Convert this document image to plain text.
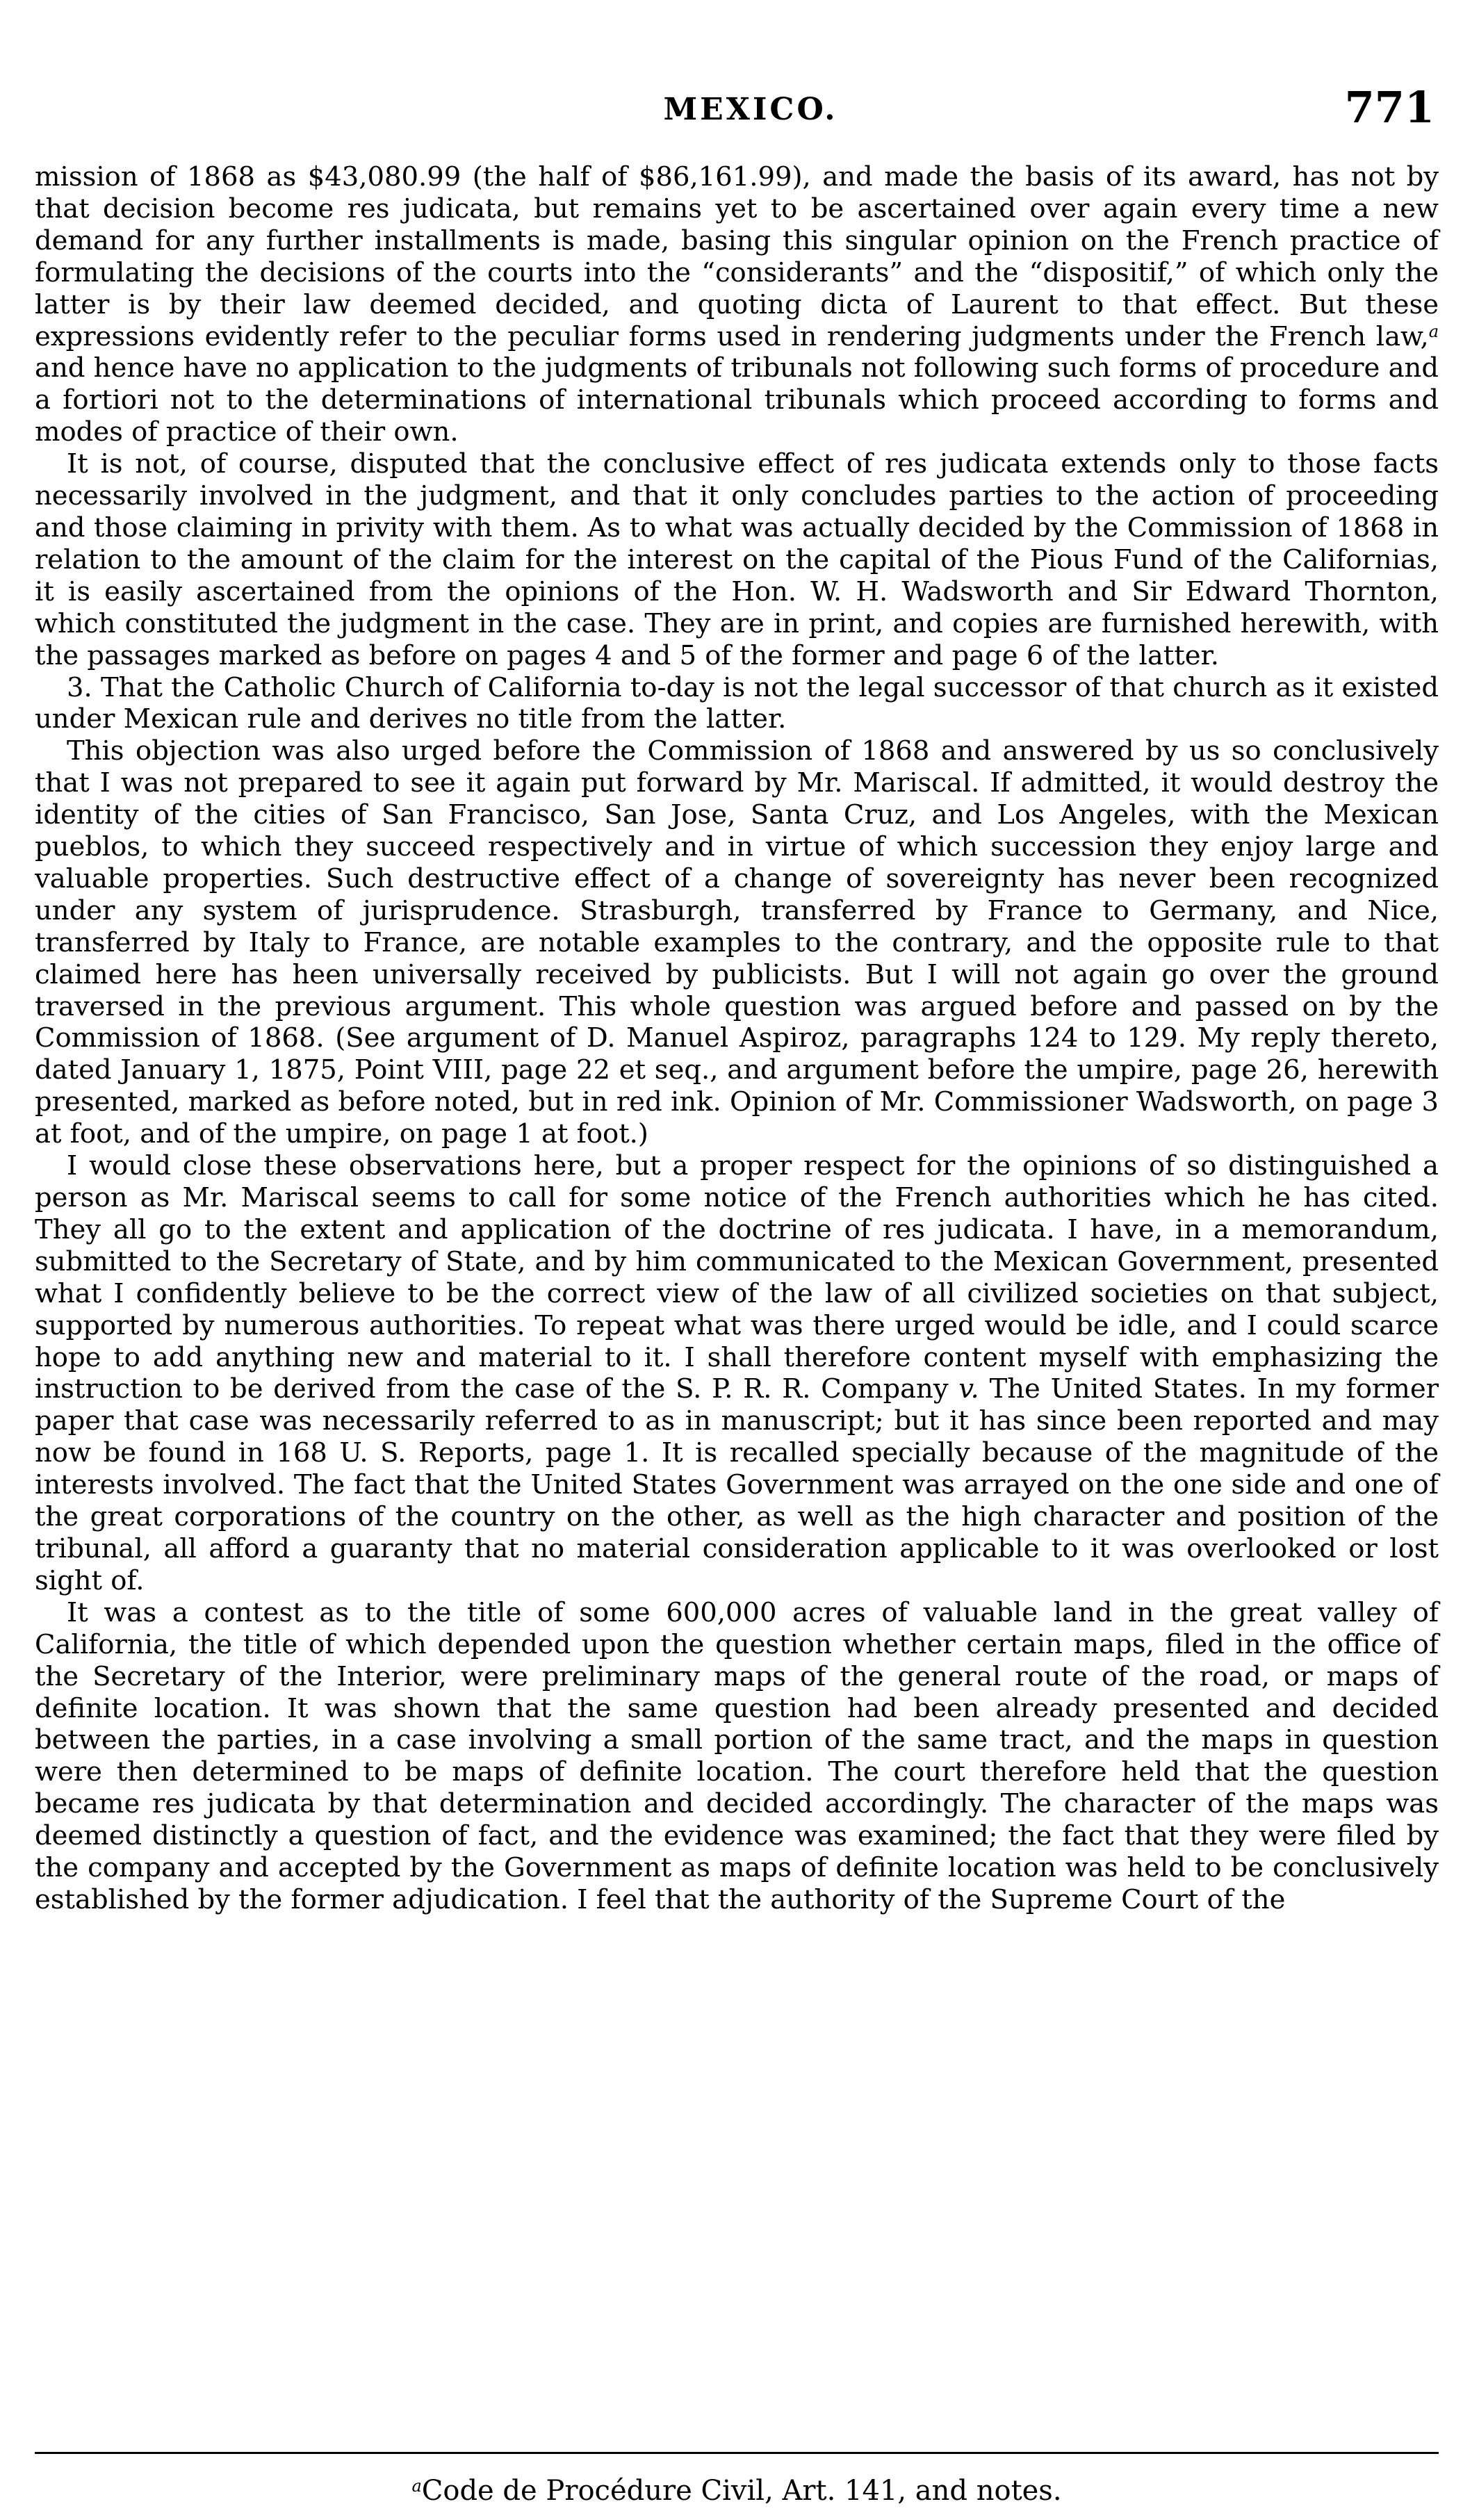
MEXICO.	771

mission of 1868 as $43,080.99 (the half of $86,161.99), and made the basis of its award, has not by that decision become res judicata, but remains yet to be ascertained over again every time a new demand for any further installments is made, basing this singular opinion on the French practice of formulating the decisions of the courts into the “considerants” and the “dispositif,” of which only the latter is by their law deemed decided, and quoting dicta of Laurent to that effect. But these expressions evidently refer to the peculiar forms used in rendering judgments under the French law,$^a$ and hence have no application to the judgments of tribunals not following such forms of procedure and a fortiori not to the determinations of international tribunals which proceed according to forms and modes of practice of their own.

It is not, of course, disputed that the conclusive effect of res judicata extends only to those facts necessarily involved in the judgment, and that it only concludes parties to the action of proceeding and those claiming in privity with them. As to what was actually decided by the Commission of 1868 in relation to the amount of the claim for the interest on the capital of the Pious Fund of the Californias, it is easily ascertained from the opinions of the Hon. W. H. Wadsworth and Sir Edward Thornton, which constituted the judgment in the case. They are in print, and copies are furnished herewith, with the passages marked as before on pages 4 and 5 of the former and page 6 of the latter.

3. That the Catholic Church of California to-day is not the legal successor of that church as it existed under Mexican rule and derives no title from the latter.

This objection was also urged before the Commission of 1868 and answered by us so conclusively that I was not prepared to see it again put forward by Mr. Mariscal. If admitted, it would destroy the identity of the cities of San Francisco, San Jose, Santa Cruz, and Los Angeles, with the Mexican pueblos, to which they succeed respectively and in virtue of which succession they enjoy large and valuable properties. Such destructive effect of a change of sovereignty has never been recognized under any system of jurisprudence. Strasburgh, transferred by France to Germany, and Nice, transferred by Italy to France, are notable examples to the contrary, and the opposite rule to that claimed here has heen universally received by publicists. But I will not again go over the ground traversed in the previous argument. This whole question was argued before and passed on by the Commission of 1868. (See argument of D. Manuel Aspiroz, paragraphs 124 to 129. My reply thereto, dated January 1, 1875, Point VIII, page 22 et seq., and argument before the umpire, page 26, herewith presented, marked as before noted, but in red ink. Opinion of Mr. Commissioner Wadsworth, on page 3 at foot, and of the umpire, on page 1 at foot.)

I would close these observations here, but a proper respect for the opinions of so distinguished a person as Mr. Mariscal seems to call for some notice of the French authorities which he has cited. They all go to the extent and application of the doctrine of res judicata. I have, in a memorandum, submitted to the Secretary of State, and by him communicated to the Mexican Government, presented what I confidently believe to be the correct view of the law of all civilized societies on that subject, supported by numerous authorities. To repeat what was there urged would be idle, and I could scarce hope to add anything new and material to it. I shall therefore content myself with emphasizing the instruction to be derived from the case of the S. P. R. R. Company v. The United States. In my former paper that case was necessarily referred to as in manuscript; but it has since been reported and may now be found in 168 U. S. Reports, page 1. It is recalled specially because of the magnitude of the interests involved. The fact that the United States Government was arrayed on the one side and one of the great corporations of the country on the other, as well as the high character and position of the tribunal, all afford a guaranty that no material consideration applicable to it was overlooked or lost sight of.

It was a contest as to the title of some 600,000 acres of valuable land in the great valley of California, the title of which depended upon the question whether certain maps, filed in the office of the Secretary of the Interior, were preliminary maps of the general route of the road, or maps of definite location. It was shown that the same question had been already presented and decided between the parties, in a case involving a small portion of the same tract, and the maps in question were then determined to be maps of definite location. The court therefore held that the question became res judicata by that determination and decided accordingly. The character of the maps was deemed distinctly a question of fact, and the evidence was examined; the fact that they were filed by the company and accepted by the Government as maps of definite location was held to be conclusively established by the former adjudication. I feel that the authority of the Supreme Court of the

$^a$Code de Procédure Civil, Art. 141, and notes.
